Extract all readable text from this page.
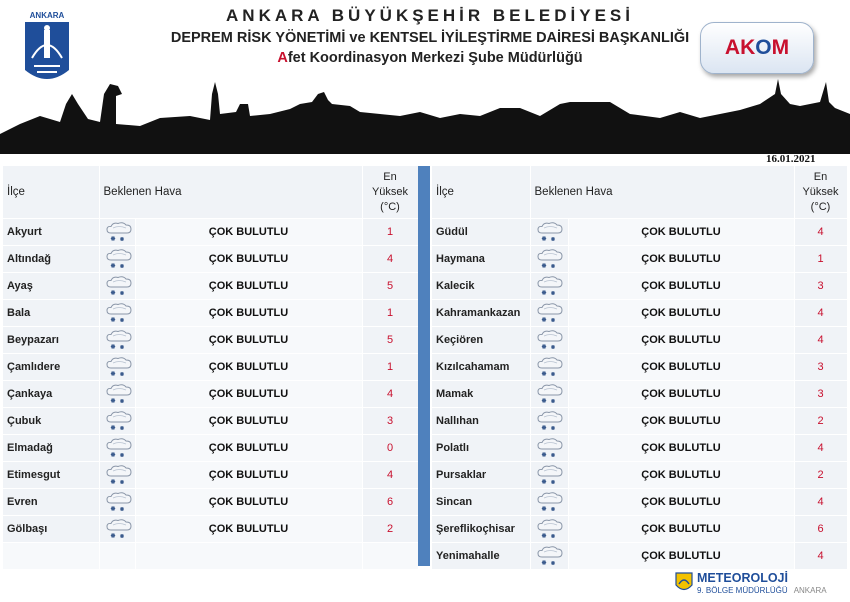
ANKARA	ANKARA BÜYÜKŞEHİR BELEDİYESİ
DEPREM RİSK YÖNETİMİ ve KENTSEL İYİLEŞTİRME DAİRESİ BAŞKANLIĞI
Afet Koordinasyon Merkezi Şube Müdürlüğü	AKOM
16.01.2021
İlçe	Beklenen Hava		En
Yüksek
(°C)
Akyurt		ÇOK BULUTLU	1
Altındağ		ÇOK BULUTLU	4
Ayaş		ÇOK BULUTLU	5
Bala		ÇOK BULUTLU	1
Beypazarı		ÇOK BULUTLU	5
Çamlıdere		ÇOK BULUTLU	1
Çankaya		ÇOK BULUTLU	4
Çubuk		ÇOK BULUTLU	3
Elmadağ		ÇOK BULUTLU	0
Etimesgut		ÇOK BULUTLU	4
Evren		ÇOK BULUTLU	6
Gölbaşı		ÇOK BULUTLU	2

İlçe	Beklenen Hava		En
Yüksek
(°C)
Güdül		ÇOK BULUTLU	4
Haymana		ÇOK BULUTLU	1
Kalecik		ÇOK BULUTLU	3
Kahramankazan		ÇOK BULUTLU	4
Keçiören		ÇOK BULUTLU	4
Kızılcahamam		ÇOK BULUTLU	3
Mamak		ÇOK BULUTLU	3
Nallıhan		ÇOK BULUTLU	2
Polatlı		ÇOK BULUTLU	4
Pursaklar		ÇOK BULUTLU	2
Sincan		ÇOK BULUTLU	4
Şereflikoçhisar		ÇOK BULUTLU	6
Yenimahalle		ÇOK BULUTLU	4
METEOROLOJİ
9. BÖLGE MÜDÜRLÜĞÜ ANKARA
